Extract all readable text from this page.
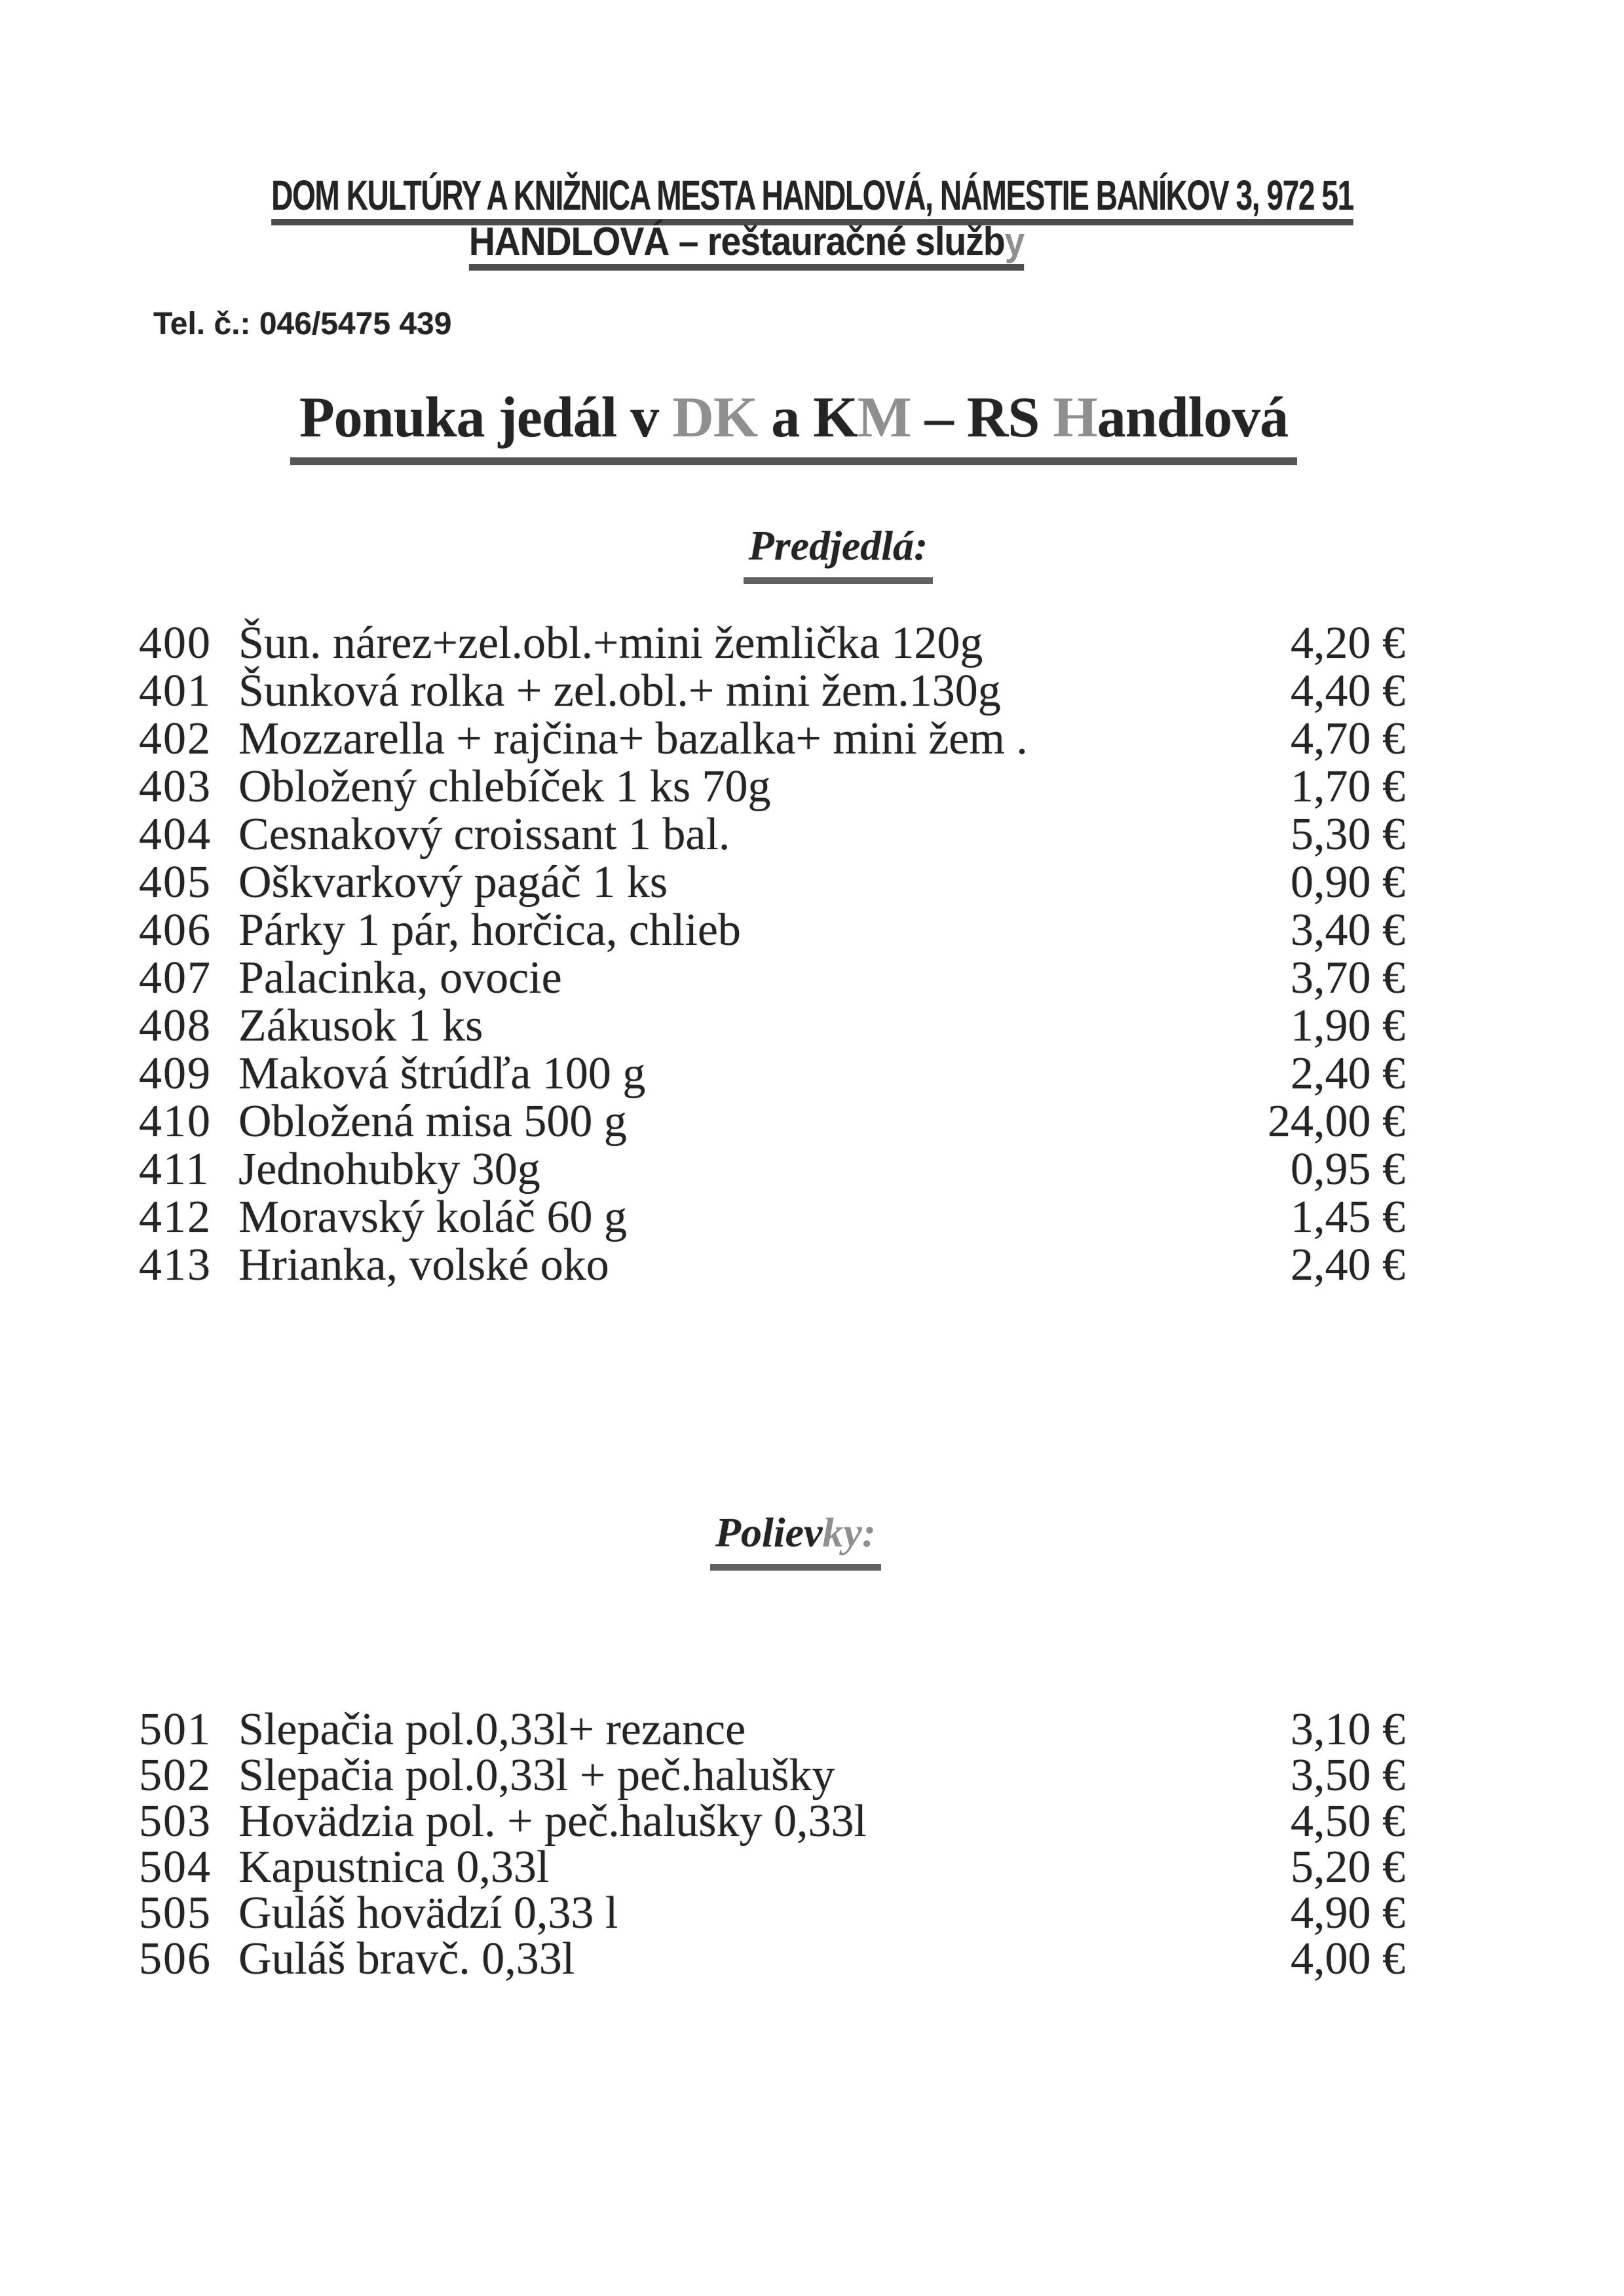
DOM KULTÚRY A KNIŽNICA MESTA HANDLOVÁ, NÁMESTIE BANÍKOV 3, 972 51
HANDLOVÁ – reštauračné služby
Tel. č.: 046/5475 439
Ponuka jedál v DK a KM – RS Handlová
Predjedlá:
400 Šun. nárez+zel.obl.+mini žemlička 120g	4,20 €
401 Šunková rolka + zel.obl.+ mini žem.130g	4,40 €
402 Mozzarella + rajčina+ bazalka+ mini žem .	4,70 €
403 Obložený chlebíček 1 ks 70g	1,70 €
404 Cesnakový croissant 1 bal.	5,30 €
405 Oškvarkový pagáč 1 ks	0,90 €
406 Párky 1 pár, horčica, chlieb	3,40 €
407 Palacinka, ovocie	3,70 €
408 Zákusok 1 ks	1,90 €
409 Maková štrúdľa 100 g	2,40 €
410 Obložená misa 500 g	24,00 €
411 Jednohubky 30g	0,95 €
412 Moravský koláč 60 g	1,45 €
413 Hrianka, volské oko	2,40 €
Polievky:
501 Slepačia pol.0,33l+ rezance	3,10 €
502 Slepačia pol.0,33l + peč.halušky	3,50 €
503 Hovädzia pol. + peč.halušky 0,33l	4,50 €
504 Kapustnica 0,33l	5,20 €
505 Guláš hovädzí 0,33 l	4,90 €
506 Guláš bravč. 0,33l	4,00 €
